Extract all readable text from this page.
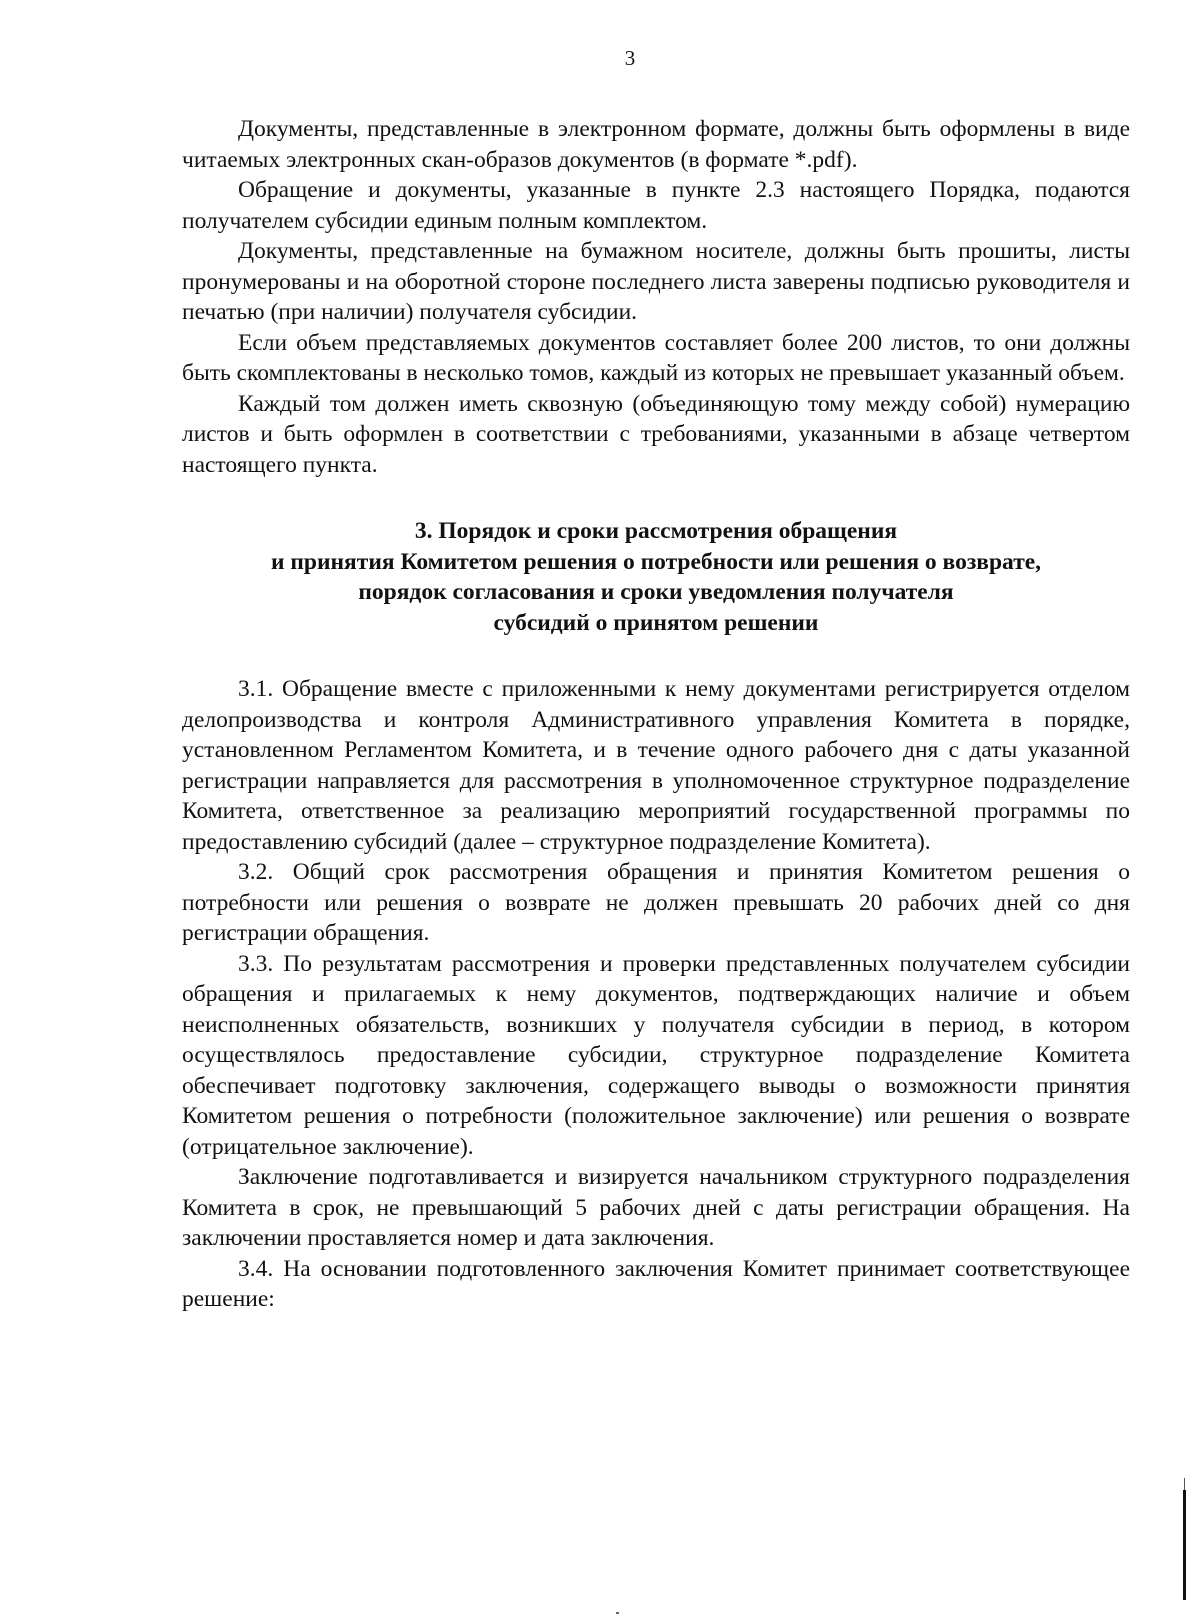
3

Документы, представленные в электронном формате, должны быть оформлены в виде читаемых электронных скан-образов документов (в формате *.pdf).

Обращение и документы, указанные в пункте 2.3 настоящего Порядка, подаются получателем субсидии единым полным комплектом.

Документы, представленные на бумажном носителе, должны быть прошиты, листы пронумерованы и на оборотной стороне последнего листа заверены подписью руководителя и печатью (при наличии) получателя субсидии.

Если объем представляемых документов составляет более 200 листов, то они должны быть скомплектованы в несколько томов, каждый из которых не превышает указанный объем.

Каждый том должен иметь сквозную (объединяющую тому между собой) нумерацию листов и быть оформлен в соответствии с требованиями, указанными в абзаце четвертом настоящего пункта.

3. Порядок и сроки рассмотрения обращения
и принятия Комитетом решения о потребности или решения о возврате,
порядок согласования и сроки уведомления получателя
субсидий о принятом решении

3.1. Обращение вместе с приложенными к нему документами регистрируется отделом делопроизводства и контроля Административного управления Комитета в порядке, установленном Регламентом Комитета, и в течение одного рабочего дня с даты указанной регистрации направляется для рассмотрения в уполномоченное структурное подразделение Комитета, ответственное за реализацию мероприятий государственной программы по предоставлению субсидий (далее – структурное подразделение Комитета).

3.2. Общий срок рассмотрения обращения и принятия Комитетом решения о потребности или решения о возврате не должен превышать 20 рабочих дней со дня регистрации обращения.

3.3. По результатам рассмотрения и проверки представленных получателем субсидии обращения и прилагаемых к нему документов, подтверждающих наличие и объем неисполненных обязательств, возникших у получателя субсидии в период, в котором осуществлялось предоставление субсидии, структурное подразделение Комитета обеспечивает подготовку заключения, содержащего выводы о возможности принятия Комитетом решения о потребности (положительное заключение) или решения о возврате (отрицательное заключение).

Заключение подготавливается и визируется начальником структурного подразделения Комитета в срок, не превышающий 5 рабочих дней с даты регистрации обращения. На заключении проставляется номер и дата заключения.

3.4. На основании подготовленного заключения Комитет принимает соответствующее решение:
